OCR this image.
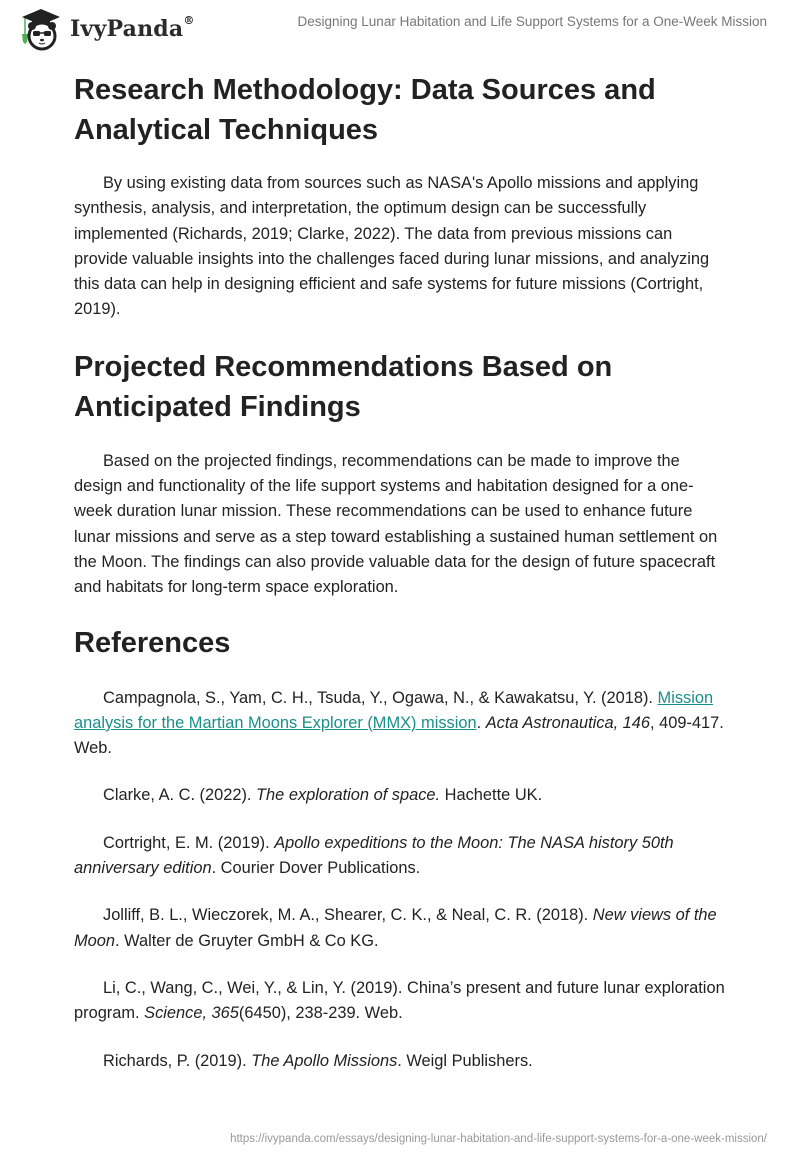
IvyPanda®	Designing Lunar Habitation and Life Support Systems for a One-Week Mission
Research Methodology: Data Sources and Analytical Techniques

By using existing data from sources such as NASA's Apollo missions and applying synthesis, analysis, and interpretation, the optimum design can be successfully implemented (Richards, 2019; Clarke, 2022). The data from previous missions can provide valuable insights into the challenges faced during lunar missions, and analyzing this data can help in designing efficient and safe systems for future missions (Cortright, 2019).

Projected Recommendations Based on Anticipated Findings

Based on the projected findings, recommendations can be made to improve the design and functionality of the life support systems and habitation designed for a one-week duration lunar mission. These recommendations can be used to enhance future lunar missions and serve as a step toward establishing a sustained human settlement on the Moon. The findings can also provide valuable data for the design of future spacecraft and habitats for long-term space exploration.

References

Campagnola, S., Yam, C. H., Tsuda, Y., Ogawa, N., & Kawakatsu, Y. (2018). Mission analysis for the Martian Moons Explorer (MMX) mission. Acta Astronautica, 146, 409-417. Web.

Clarke, A. C. (2022). The exploration of space. Hachette UK.

Cortright, E. M. (2019). Apollo expeditions to the Moon: The NASA history 50th anniversary edition. Courier Dover Publications.

Jolliff, B. L., Wieczorek, M. A., Shearer, C. K., & Neal, C. R. (2018). New views of the Moon. Walter de Gruyter GmbH & Co KG.

Li, C., Wang, C., Wei, Y., & Lin, Y. (2019). China’s present and future lunar exploration program. Science, 365(6450), 238-239. Web.

Richards, P. (2019). The Apollo Missions. Weigl Publishers.

https://ivypanda.com/essays/designing-lunar-habitation-and-life-support-systems-for-a-one-week-mission/
